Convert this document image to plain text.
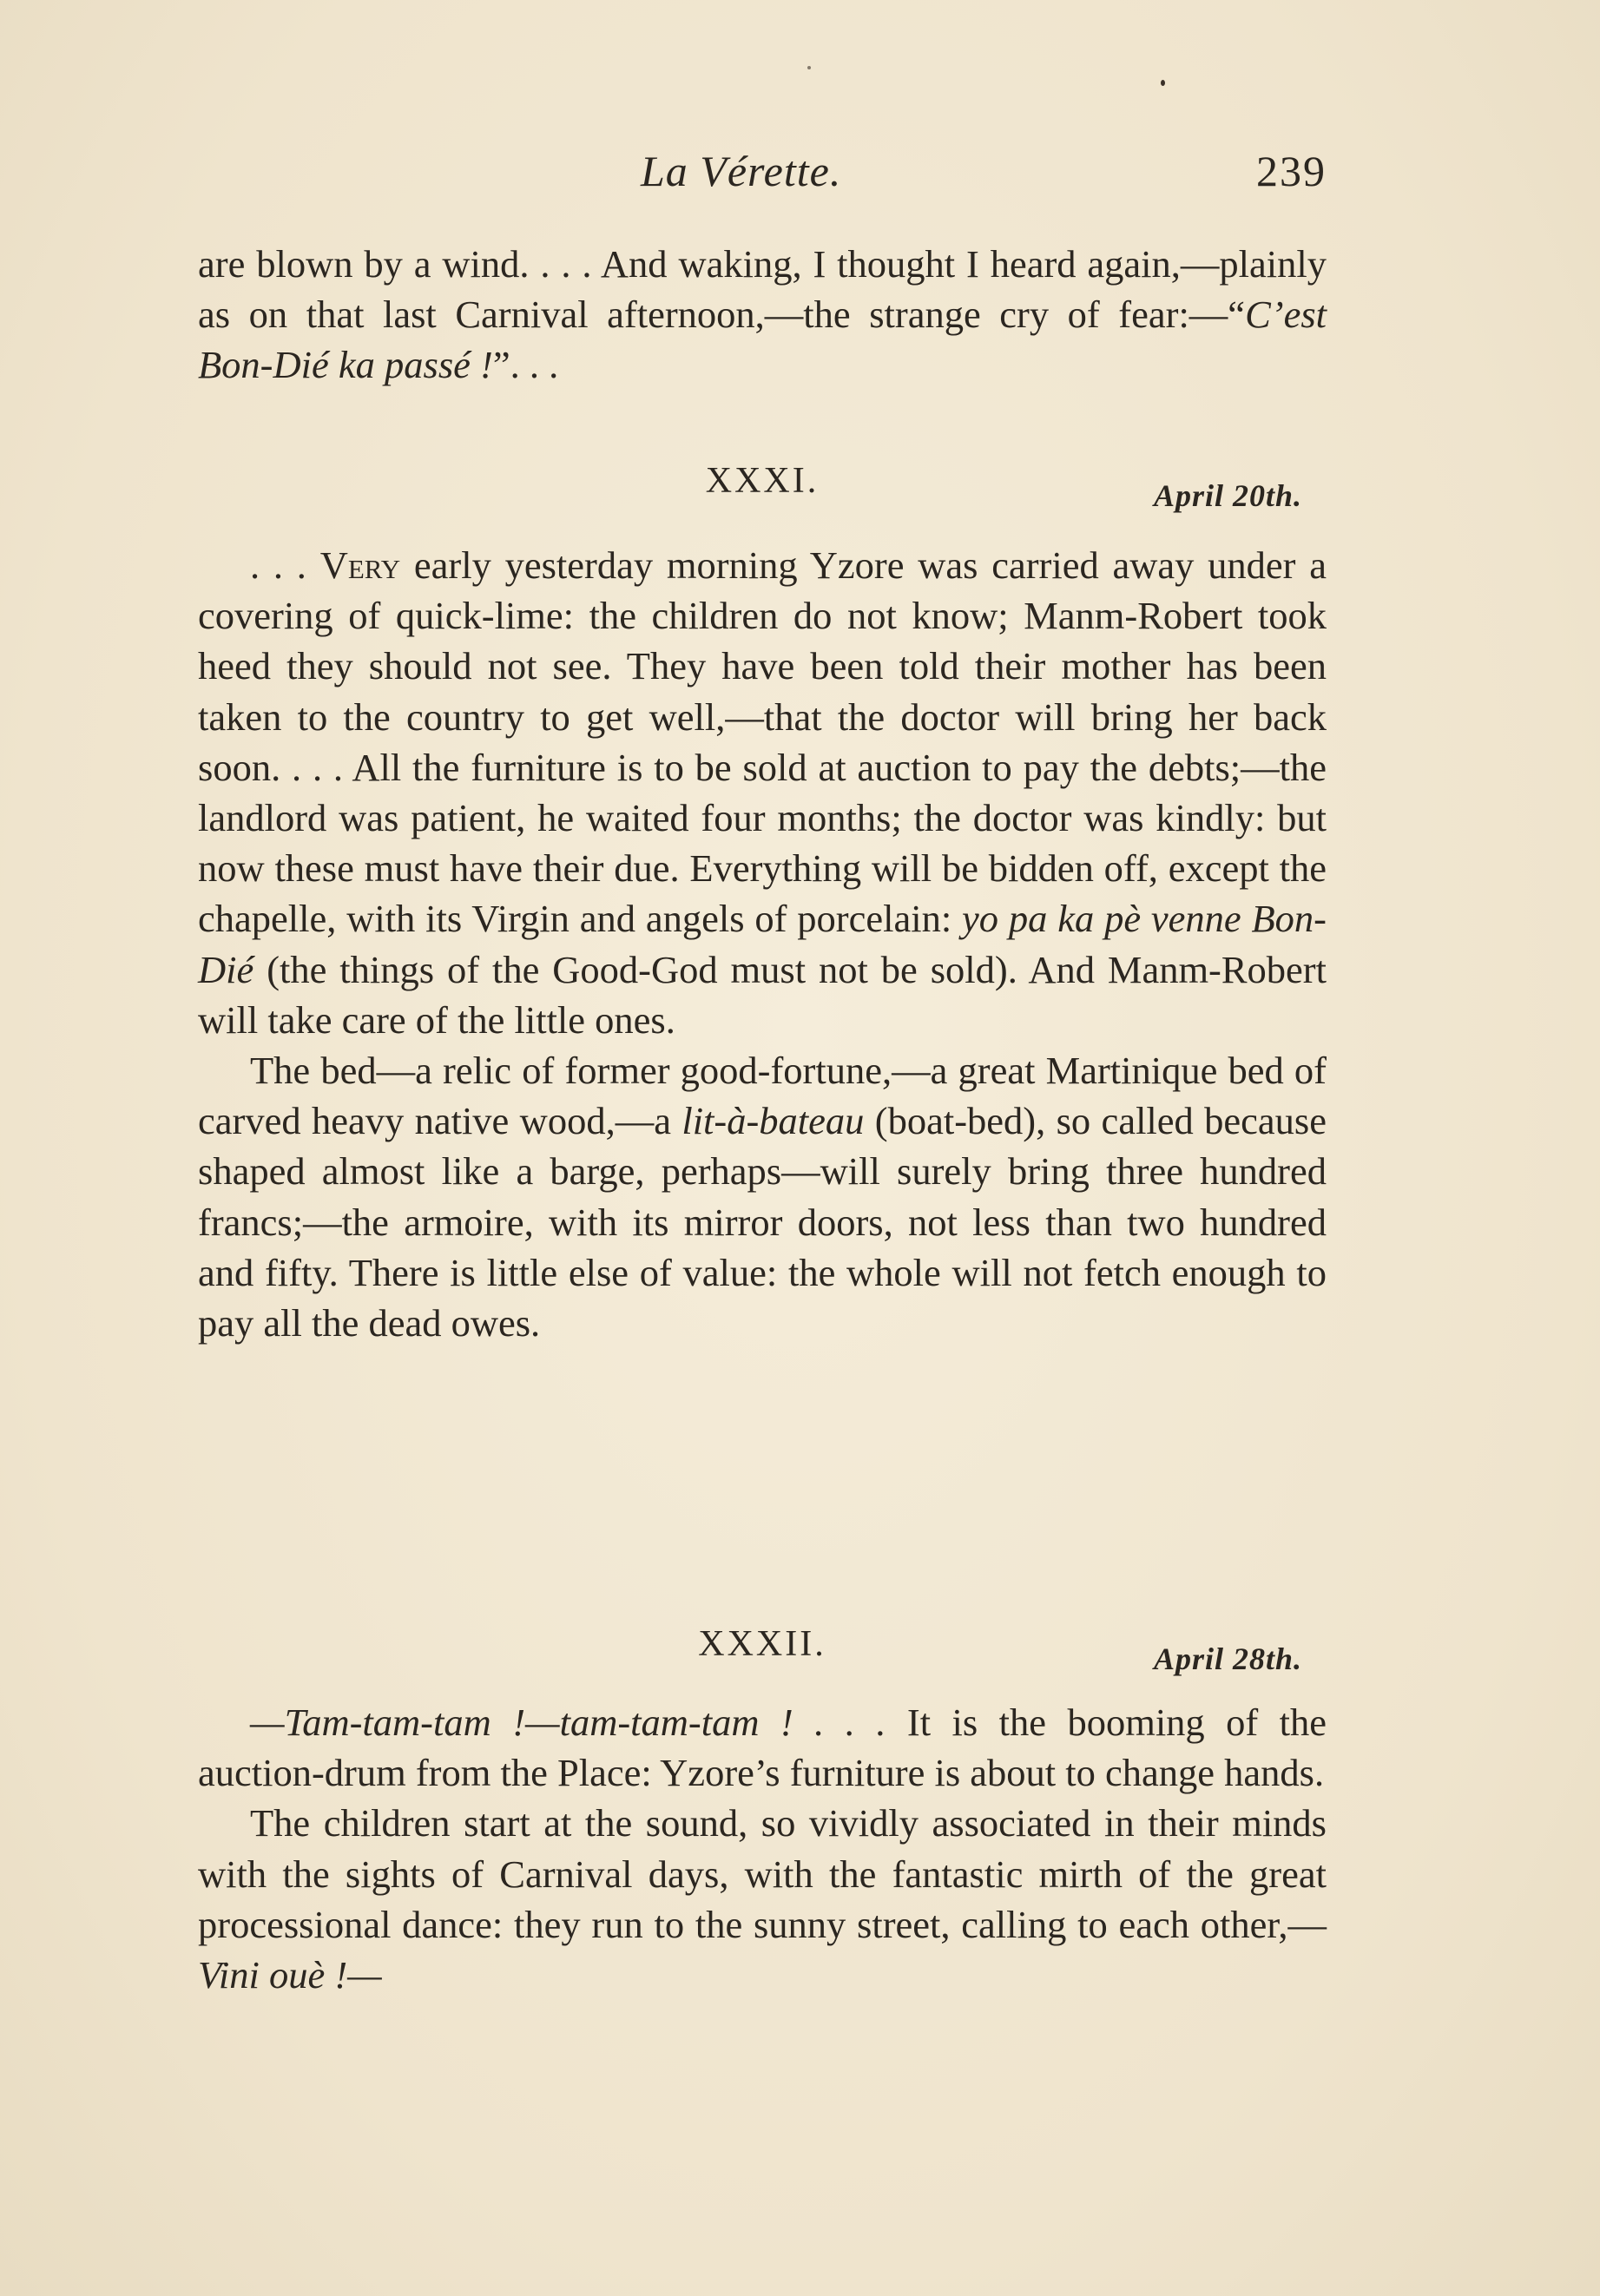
La Vérette.	239

are blown by a wind. . . . And waking, I thought I heard again,—plainly as on that last Carnival afternoon,—the strange cry of fear:—“C’est Bon-Dié ka passé !”. . .

XXXI.	April 20th.

. . . Very early yesterday morning Yzore was carried away under a covering of quick-lime: the children do not know; Manm-Robert took heed they should not see. They have been told their mother has been taken to the country to get well,—that the doctor will bring her back soon. . . . All the furniture is to be sold at auction to pay the debts;—the landlord was patient, he waited four months; the doctor was kindly: but now these must have their due. Everything will be bidden off, except the chapelle, with its Virgin and angels of porcelain: yo pa ka pè venne Bon-Dié (the things of the Good-God must not be sold). And Manm-Robert will take care of the little ones.

The bed—a relic of former good-fortune,—a great Martinique bed of carved heavy native wood,—a lit-à-bateau (boat-bed), so called because shaped almost like a barge, perhaps—will surely bring three hundred francs;—the armoire, with its mirror doors, not less than two hundred and fifty. There is little else of value: the whole will not fetch enough to pay all the dead owes.

XXXII.	April 28th.

—Tam-tam-tam !—tam-tam-tam ! . . . It is the booming of the auction-drum from the Place: Yzore’s furniture is about to change hands.

The children start at the sound, so vividly associated in their minds with the sights of Carnival days, with the fantastic mirth of the great processional dance: they run to the sunny street, calling to each other,— Vini ouè !—
